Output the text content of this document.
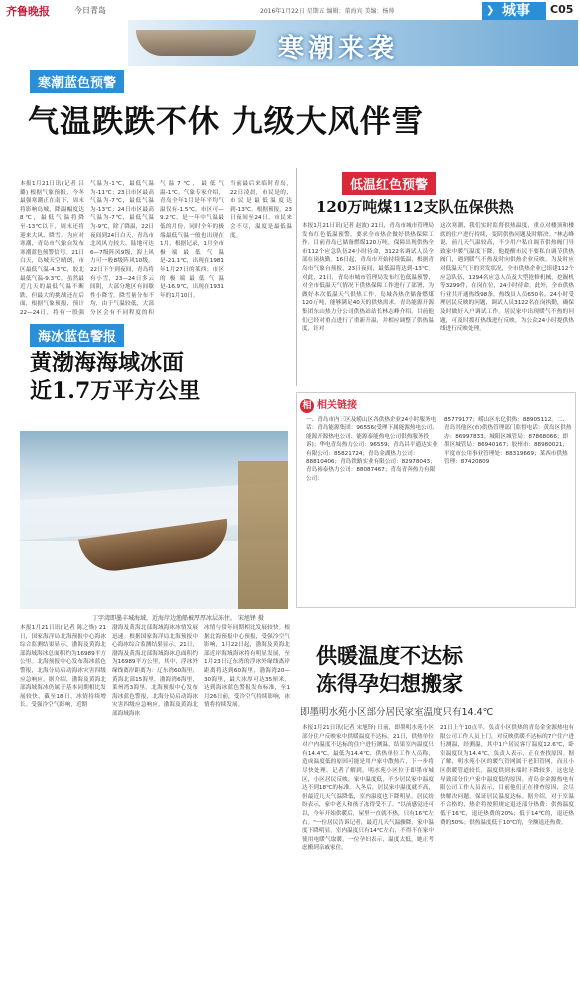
齐鲁晚报	今日青岛	2016年1月22日 星期五 编辑：董海宾 美编：杨帅	城事
❯	C05
寒潮来袭
寒潮蓝色预警
气温跌跌不休 九级大风伴雪
本报1月21日讯(记者 吕璐) 根据气象预报，今冬最强寒潮正在南下，周末将影响岛城，降温幅度达8℃，最低气温将降至-13℃以下，周末还将迎来大风、降雪。为应对寒潮，青岛市气象台发布寒潮蓝色预警信号。21日白天，岛城天空晴朗，市区最低气温-4.3℃，胶北最低气温-9.3℃。虽然最近几天的最低气温不断跌，但最大的挑战还在后面，根据气象预报，预计22—24日，将有一股强
气温为-1℃，最低气温为-11℃；23日市区最高气温为-7℃，最低气温为-13℃；24日市区最高气温为-7℃，最低气温为-9℃，除了降温，22日夜间到24日白天，青岛市北风风力较大，陆地可达6—7级阵风9级，海上风力可一般8级阵风10级。22日下午到夜间，青岛将有小雪，23—24日多云间阴，大部分地区有间歇性小降雪。降雪量分布不均，由于气温较低，大部分区会有不同程度的积
气温7℃，最低气温-1℃。气象专家介绍，青岛全年1月是年平均气温仅有-1.5℃，市区可—9.2℃，是一年中气温最低的月份，同时全年的极端最低气温一般也出现在1月，根据记录，1月全市极端最低气温是-21.1℃，出现在1981年1月27日的莱西；市区的极端最低气温是-16.9℃，出现在1931年的1月10日。
当前最后来临时青岛，22日凌晨，市民是的，市民是最低温度达到-13℃。根据预报，23日夜间至24日，市民来会不尽，温度是最低温度。
低温红色预警
120万吨煤112支队伍保供热
本报1月21日讯(记者 赵波) 21日，青岛市城市管理局发布红色低温预警，要求全市热企做好供热保障工作。目前青岛已储备燃煤120万吨，保障出现供热全市112个应急队伍24小时待命，3122名调试人员全部在岗执勤。16日起，青岛市开始持续低温，根据青岛市气象台预报，23日夜间，最低温将达到-13℃。对此，21日，青岛市城市管理局发布红色低温预警，对全市低温天气情况下供热保障工作进行了部署，为做好本次低温天气供热工作，岛城各热企储备燃煤120万吨，能够满足40天的供热需求。青岛能源开源集团东山热力分公司供热站站长林志峰介绍，目前他们已经对重点进行了重新升温，并相应调整了供热温度，针对
这次寒潮，我们实时监督供热温度，重点对楼顶和楼底的住户进行持续，变阴供热问题及时解决。"林志峰说，前几天气温较高，不少用户私自调节供热阀门导致家中暖气温度下降，他提醒市民不要私自调节供热阀门，遇到暖气不热及时向供热企业反映。为及时应对低温天气下的突发状况，全市供热企业已组建112个应急队伍，1294名应急人员及大型抢修机械，挖掘机等3299件，在岗在位，24小时待命。此外，全市供热行业共开通热线98条，热线员人员650名，24小时受理居民反映的问题，调试人员3122名在岗执勤，确保及时做好入户调试工作。居民家中出现暖气不热的问题，可及时拨打热线进行反映，为公众24小时提供热线进行反映处理。
海冰蓝色警报
黄渤海海域冰面
近1.7万平方公里
丁字湾即墨丰城海域，近海岸边渔船被厚厚冰层冻住。 宋旭铎 摄
本报1月21日讯(记者 陈之焕) 21日，国家海洋局北海预报中心海冰综合监测结果显示，渤海及黄海北部海域海冰总面积约为16989平方公里。北海预报中心发布海冰蓝色警报，北海分局启动海冰灾害四级应急响应。据介绍，渤海及黄海北部海域海冰仍属于基本同期相比发展较快，截至18日，冰情持续增长。受强冷空气影响，近期
渤海及黄海北部海域海冰冰情发展迅速。根据国家海洋局北海预报中心海冰综合监测结果显示，21日，渤海及黄海北部海域海冰总面积约为16989平方公里，其中，浮冰外缘线离岸距离为：辽东湾60海里，黄海北部15海里，渤海湾6海里，莱州湾3海里。北海预报中心发布海冰蓝色警报，北海分局启动海冰灾害四级应急响应。渤海及黄海北部海域海冰
冰情与常年同期相比发展较快。根据北海预报中心预报，受强冷空气影响，1月22日起，渤海及黄海北部近岸海域海冰将有明显发展，至1月23日辽东湾的浮冰外缘线离岸距离将达到60海里，渤海湾20—30海里，最大冰厚可达35厘米，达到海冰蓝色警报发布标准，至1月26日前，受冷空气持续影响，冰情将持续发展。
相 相关链接
一、青岛市内三区及崂山区各供热企业24小时服务电话：青岛能源集团：96556(受理下属能源热电公司、能源开源热电公司、能源泰能热电公司供热服务投诉)；华电青岛热力公司：96559；青岛昌平通达实业有限公司：85821724；青岛金湖热力公司：88810406；青岛铁路实业有限公司：82978043；青岛裕泰热力公司：88087467；青岛青奔热力有限公司：
85779177；崂山区东亿供热：88905112。二、青岛其他区(市)供热管理部门监督电话：黄岛区供热办：86997833；城阳区城管局：87868066；即墨区城管局：86940167；胶州市：88980021；平度市公用事业管理处：88319669；莱西市供热管理：87420809
供暖温度不达标
冻得孕妇想搬家
即墨明水苑小区部分居民家室温度只有14.4℃
本报1月21日讯(记者 宋旭铎) 日前，即墨明水苑小区部分住户反映家中供暖温度不达标。21日，供热单位对户内温度不达标的住户进行测温，结果室内温度只有14.4℃，最低为14.4℃，供热单位工作人员称，造成温度低的原因可能是用户家中散热片，下一步将尽快处理。记者了解到，明水苑小区位于即墨市城区，小区居民反映，家中温度低，不少居民家中温度达不到18℃的标准。入冬后，居民家中温度就不高，但最近几天气温降低，室内温度也下降明显。居民纷纷表示，家中老人和孩子冻得受不了。"以前感觉还可以，今年开始供暖后，屋里一直就不热，只有16℃左右。"一位居民告诉记者，最近几天气温骤降，家中温度下降明显，室内温度只有14℃左右，不得不在家中使用电暖气取暖。一位孕妇表示，温度太低，她正考虑搬到亲戚家住。
21日上午10点半，负责小区供热的青岛金金源热电有限公司工作人员上门，对反映供暖不达标的7户住户进行测温，经测温，其中1户居民客厅温度12.6℃，卧室温度仅为14.4℃，负责人表示，正在查找原因。据了解，明水苑小区的暖气管网属于老旧管网，而且小区供暖管道较长，温度供到末端时下降较多，这也是导致部分住户家中温度低的原因。青岛金金源热电有限公司工作人员表示，目前他们正在排查原因，会尽快解决问题，保证居民温度达标。据介绍，对于室温不合格的，热企将按照规定退还部分热费：供热温度低于16℃，退还热费的20%；低于14℃的，退还热费的50%；供热温度低于10℃的，全额退还热费。
